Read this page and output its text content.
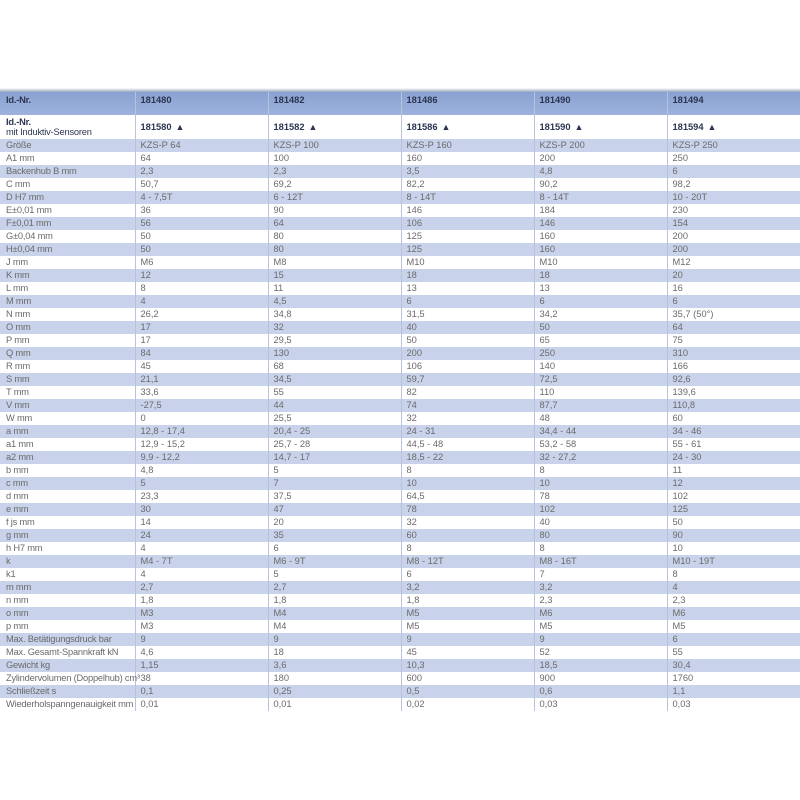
Id.-Nr.	181480	181482	181486	181490	181494
Id.-Nr.
mit Induktiv-Sensoren	181580 ▲	181582 ▲	181586 ▲	181590 ▲	181594 ▲
Größe	KZS-P 64	KZS-P 100	KZS-P 160	KZS-P 200	KZS-P 250
A1 mm	64	100	160	200	250
Backenhub B mm	2,3	2,3	3,5	4,8	6
C mm	50,7	69,2	82,2	90,2	98,2
D H7 mm	4 - 7,5T	6 - 12T	8 - 14T	8 - 14T	10 - 20T
E±0,01 mm	36	90	146	184	230
F±0,01 mm	56	64	106	146	154
G±0,04 mm	50	80	125	160	200
H±0,04 mm	50	80	125	160	200
J mm	M6	M8	M10	M10	M12
K mm	12	15	18	18	20
L mm	8	11	13	13	16
M mm	4	4,5	6	6	6
N mm	26,2	34,8	31,5	34,2	35,7 (50°)
O mm	17	32	40	50	64
P mm	17	29,5	50	65	75
Q mm	84	130	200	250	310
R mm	45	68	106	140	166
S mm	21,1	34,5	59,7	72,5	92,6
T mm	33,6	55	82	110	139,6
V mm	-27,5	44	74	87,7	110,8
W mm	0	25,5	32	48	60
a mm	12,8 - 17,4	20,4 - 25	24 - 31	34,4 - 44	34 - 46
a1 mm	12,9 - 15,2	25,7 - 28	44,5 - 48	53,2 - 58	55 - 61
a2 mm	9,9 - 12,2	14,7 - 17	18,5 - 22	32 - 27,2	24 - 30
b mm	4,8	5	8	8	11
c mm	5	7	10	10	12
d mm	23,3	37,5	64,5	78	102
e mm	30	47	78	102	125
f js mm	14	20	32	40	50
g mm	24	35	60	80	90
h H7 mm	4	6	8	8	10
k	M4 - 7T	M6 - 9T	M8 - 12T	M8 - 16T	M10 - 19T
k1	4	5	6	7	8
m mm	2,7	2,7	3,2	3,2	4
n mm	1,8	1,8	1,8	2,3	2,3
o mm	M3	M4	M5	M6	M6
p mm	M3	M4	M5	M5	M5
Max. Betätigungsdruck bar	9	9	9	9	6
Max. Gesamt-Spannkraft kN	4,6	18	45	52	55
Gewicht kg	1,15	3,6	10,3	18,5	30,4
Zylindervolumen (Doppelhub) cm³	38	180	600	900	1760
Schließzeit s	0,1	0,25	0,5	0,6	1,1
Wiederholspanngenauigkeit mm	0,01	0,01	0,02	0,03	0,03
